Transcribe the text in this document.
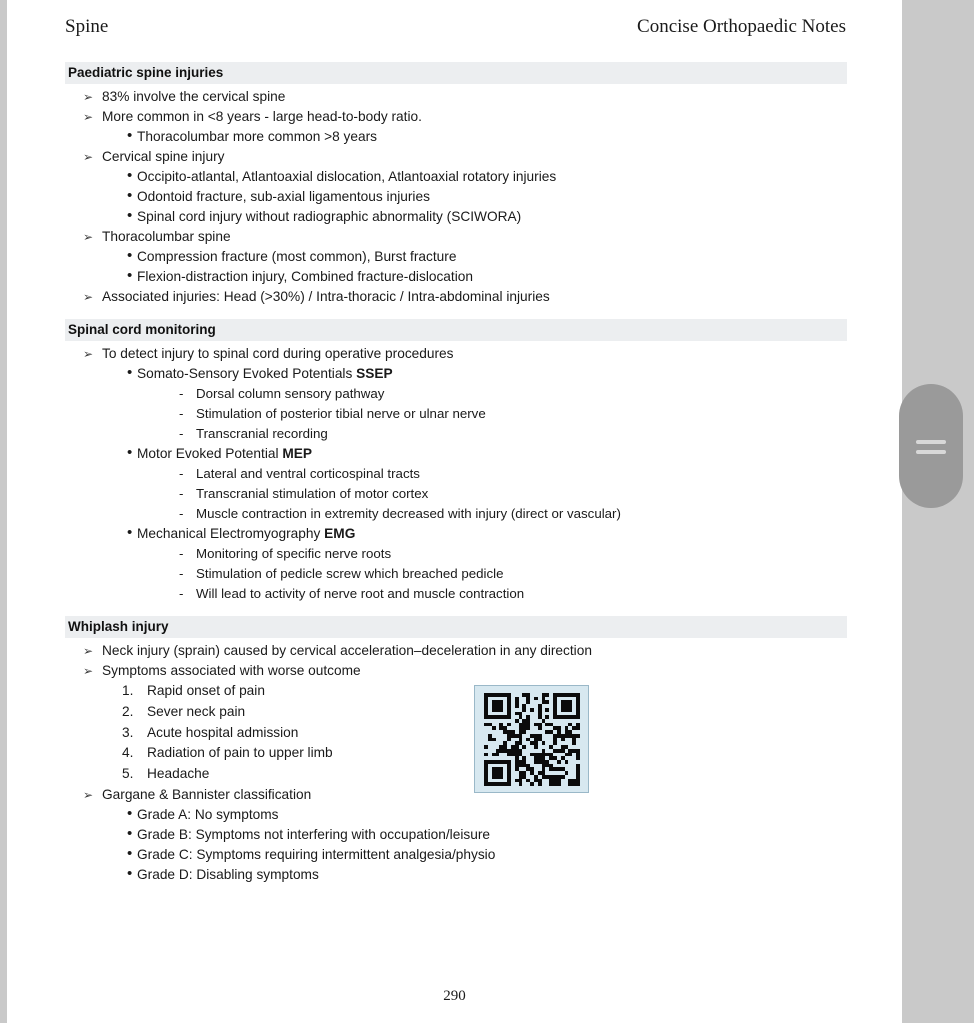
Spine	Concise Orthopaedic Notes
Paediatric spine injuries
➢ 83% involve the cervical spine
➢ More common in <8 years - large head-to-body ratio.
• Thoracolumbar more common >8 years
➢ Cervical spine injury
• Occipito-atlantal, Atlantoaxial dislocation, Atlantoaxial rotatory injuries
• Odontoid fracture, sub-axial ligamentous injuries
• Spinal cord injury without radiographic abnormality (SCIWORA)
➢ Thoracolumbar spine
• Compression fracture (most common), Burst fracture
• Flexion-distraction injury, Combined fracture-dislocation
➢ Associated injuries: Head (>30%) / Intra-thoracic / Intra-abdominal injuries
Spinal cord monitoring
➢ To detect injury to spinal cord during operative procedures
• Somato-Sensory Evoked Potentials SSEP
- Dorsal column sensory pathway
- Stimulation of posterior tibial nerve or ulnar nerve
- Transcranial recording
• Motor Evoked Potential MEP
- Lateral and ventral corticospinal tracts
- Transcranial stimulation of motor cortex
- Muscle contraction in extremity decreased with injury (direct or vascular)
• Mechanical Electromyography EMG
- Monitoring of specific nerve roots
- Stimulation of pedicle screw which breached pedicle
- Will lead to activity of nerve root and muscle contraction
Whiplash injury
➢ Neck injury (sprain) caused by cervical acceleration–deceleration in any direction
➢ Symptoms associated with worse outcome
1. Rapid onset of pain
2. Sever neck pain
3. Acute hospital admission
4. Radiation of pain to upper limb
5. Headache
➢ Gargane & Bannister classification
• Grade A: No symptoms
• Grade B: Symptoms not interfering with occupation/leisure
• Grade C: Symptoms requiring intermittent analgesia/physio
• Grade D: Disabling symptoms
290
